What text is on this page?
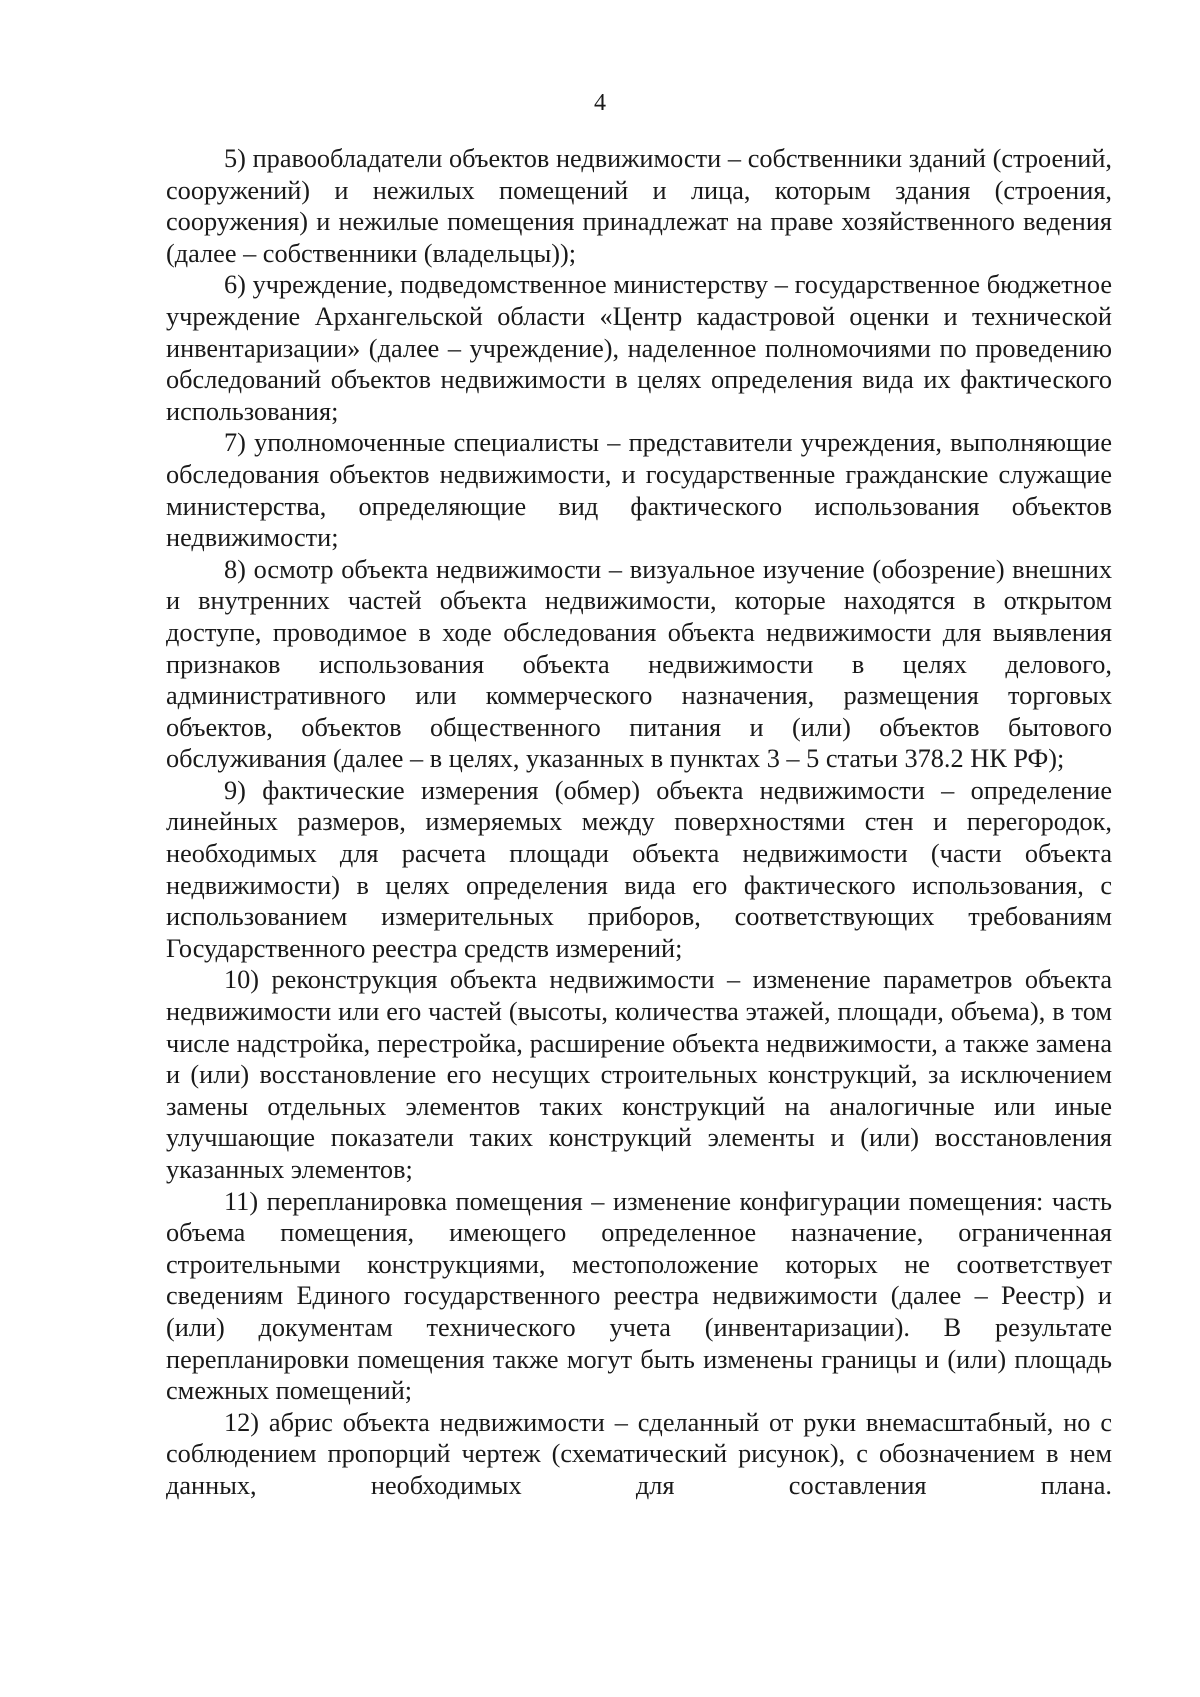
4

5) правообладатели объектов недвижимости – собственники зданий (строений, сооружений) и нежилых помещений и лица, которым здания (строения, сооружения) и нежилые помещения принадлежат на праве хозяйственного ведения (далее – собственники (владельцы));

6) учреждение, подведомственное министерству – государственное бюджетное учреждение Архангельской области «Центр кадастровой оценки и технической инвентаризации» (далее – учреждение), наделенное полномочиями по проведению обследований объектов недвижимости в целях определения вида их фактического использования;

7) уполномоченные специалисты – представители учреждения, выполняющие обследования объектов недвижимости, и государственные гражданские служащие министерства, определяющие вид фактического использования объектов недвижимости;

8) осмотр объекта недвижимости – визуальное изучение (обозрение) внешних и внутренних частей объекта недвижимости, которые находятся в открытом доступе, проводимое в ходе обследования объекта недвижимости для выявления признаков использования объекта недвижимости в целях делового, административного или коммерческого назначения, размещения торговых объектов, объектов общественного питания и (или) объектов бытового обслуживания (далее – в целях, указанных в пунктах 3 – 5 статьи 378.2 НК РФ);

9) фактические измерения (обмер) объекта недвижимости – определение линейных размеров, измеряемых между поверхностями стен и перегородок, необходимых для расчета площади объекта недвижимости (части объекта недвижимости) в целях определения вида его фактического использования, с использованием измерительных приборов, соответствующих требованиям Государственного реестра средств измерений;

10) реконструкция объекта недвижимости – изменение параметров объекта недвижимости или его частей (высоты, количества этажей, площади, объема), в том числе надстройка, перестройка, расширение объекта недвижимости, а также замена и (или) восстановление его несущих строительных конструкций, за исключением замены отдельных элементов таких конструкций на аналогичные или иные улучшающие показатели таких конструкций элементы и (или) восстановления указанных элементов;

11) перепланировка помещения – изменение конфигурации помещения: часть объема помещения, имеющего определенное назначение, ограниченная строительными конструкциями, местоположение которых не соответствует сведениям Единого государственного реестра недвижимости (далее – Реестр) и (или) документам технического учета (инвентаризации). В результате перепланировки помещения также могут быть изменены границы и (или) площадь смежных помещений;

12) абрис объекта недвижимости – сделанный от руки внемасштабный, но с соблюдением пропорций чертеж (схематический рисунок), с обозначением в нем данных, необходимых для составления плана.
